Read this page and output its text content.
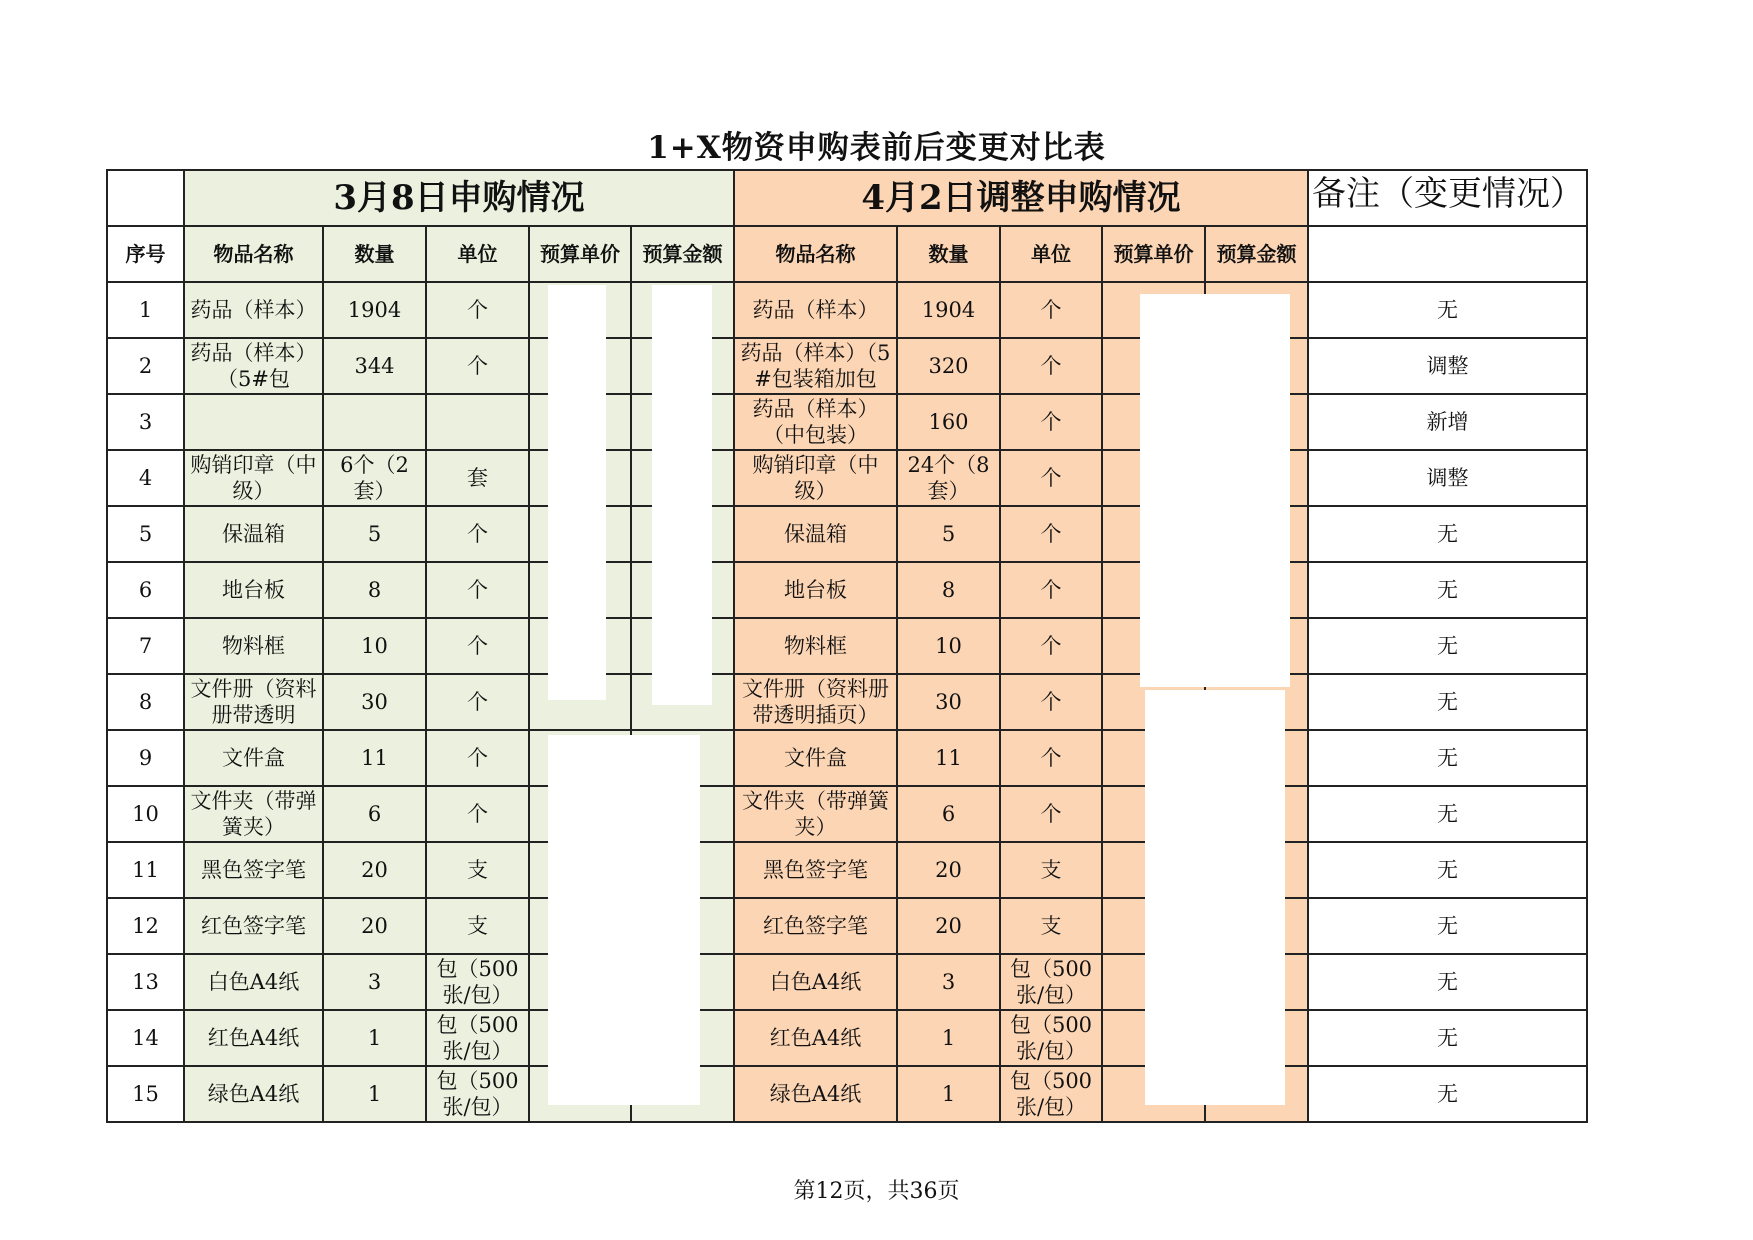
1+X物资申购表前后变更对比表
	3月8日申购情况					4月2日调整申购情况					备注（变更情况）

序号	物品名称	数量	单位	预算单价	预算金额	物品名称	数量	单位	预算单价	预算金额	

1	药品（样本）	1904	个			药品（样本）	1904	个			无

2	药品（样本）（5#包	344	个			药品（样本）（5#包装箱加包	320	个			调整

3						药品（样本）（中包装）	160	个			新增

4	购销印章（中级）	6个（2套）	套			购销印章（中级）	24个（8套）	个			调整

5	保温箱	5	个			保温箱	5	个			无

6	地台板	8	个			地台板	8	个			无

7	物料框	10	个			物料框	10	个			无

8	文件册（资料册带透明	30	个			文件册（资料册带透明插页）	30	个			无

9	文件盒	11	个			文件盒	11	个			无

10	文件夹（带弹簧夹）	6	个			文件夹（带弹簧夹）	6	个			无

11	黑色签字笔	20	支			黑色签字笔	20	支			无

12	红色签字笔	20	支			红色签字笔	20	支			无

13	白色A4纸	3	包（500张/包）			白色A4纸	3	包（500张/包）			无

14	红色A4纸	1	包（500张/包）			红色A4纸	1	包（500张/包）			无

15	绿色A4纸	1	包（500张/包）			绿色A4纸	1	包（500张/包）			无
第12页，共36页
